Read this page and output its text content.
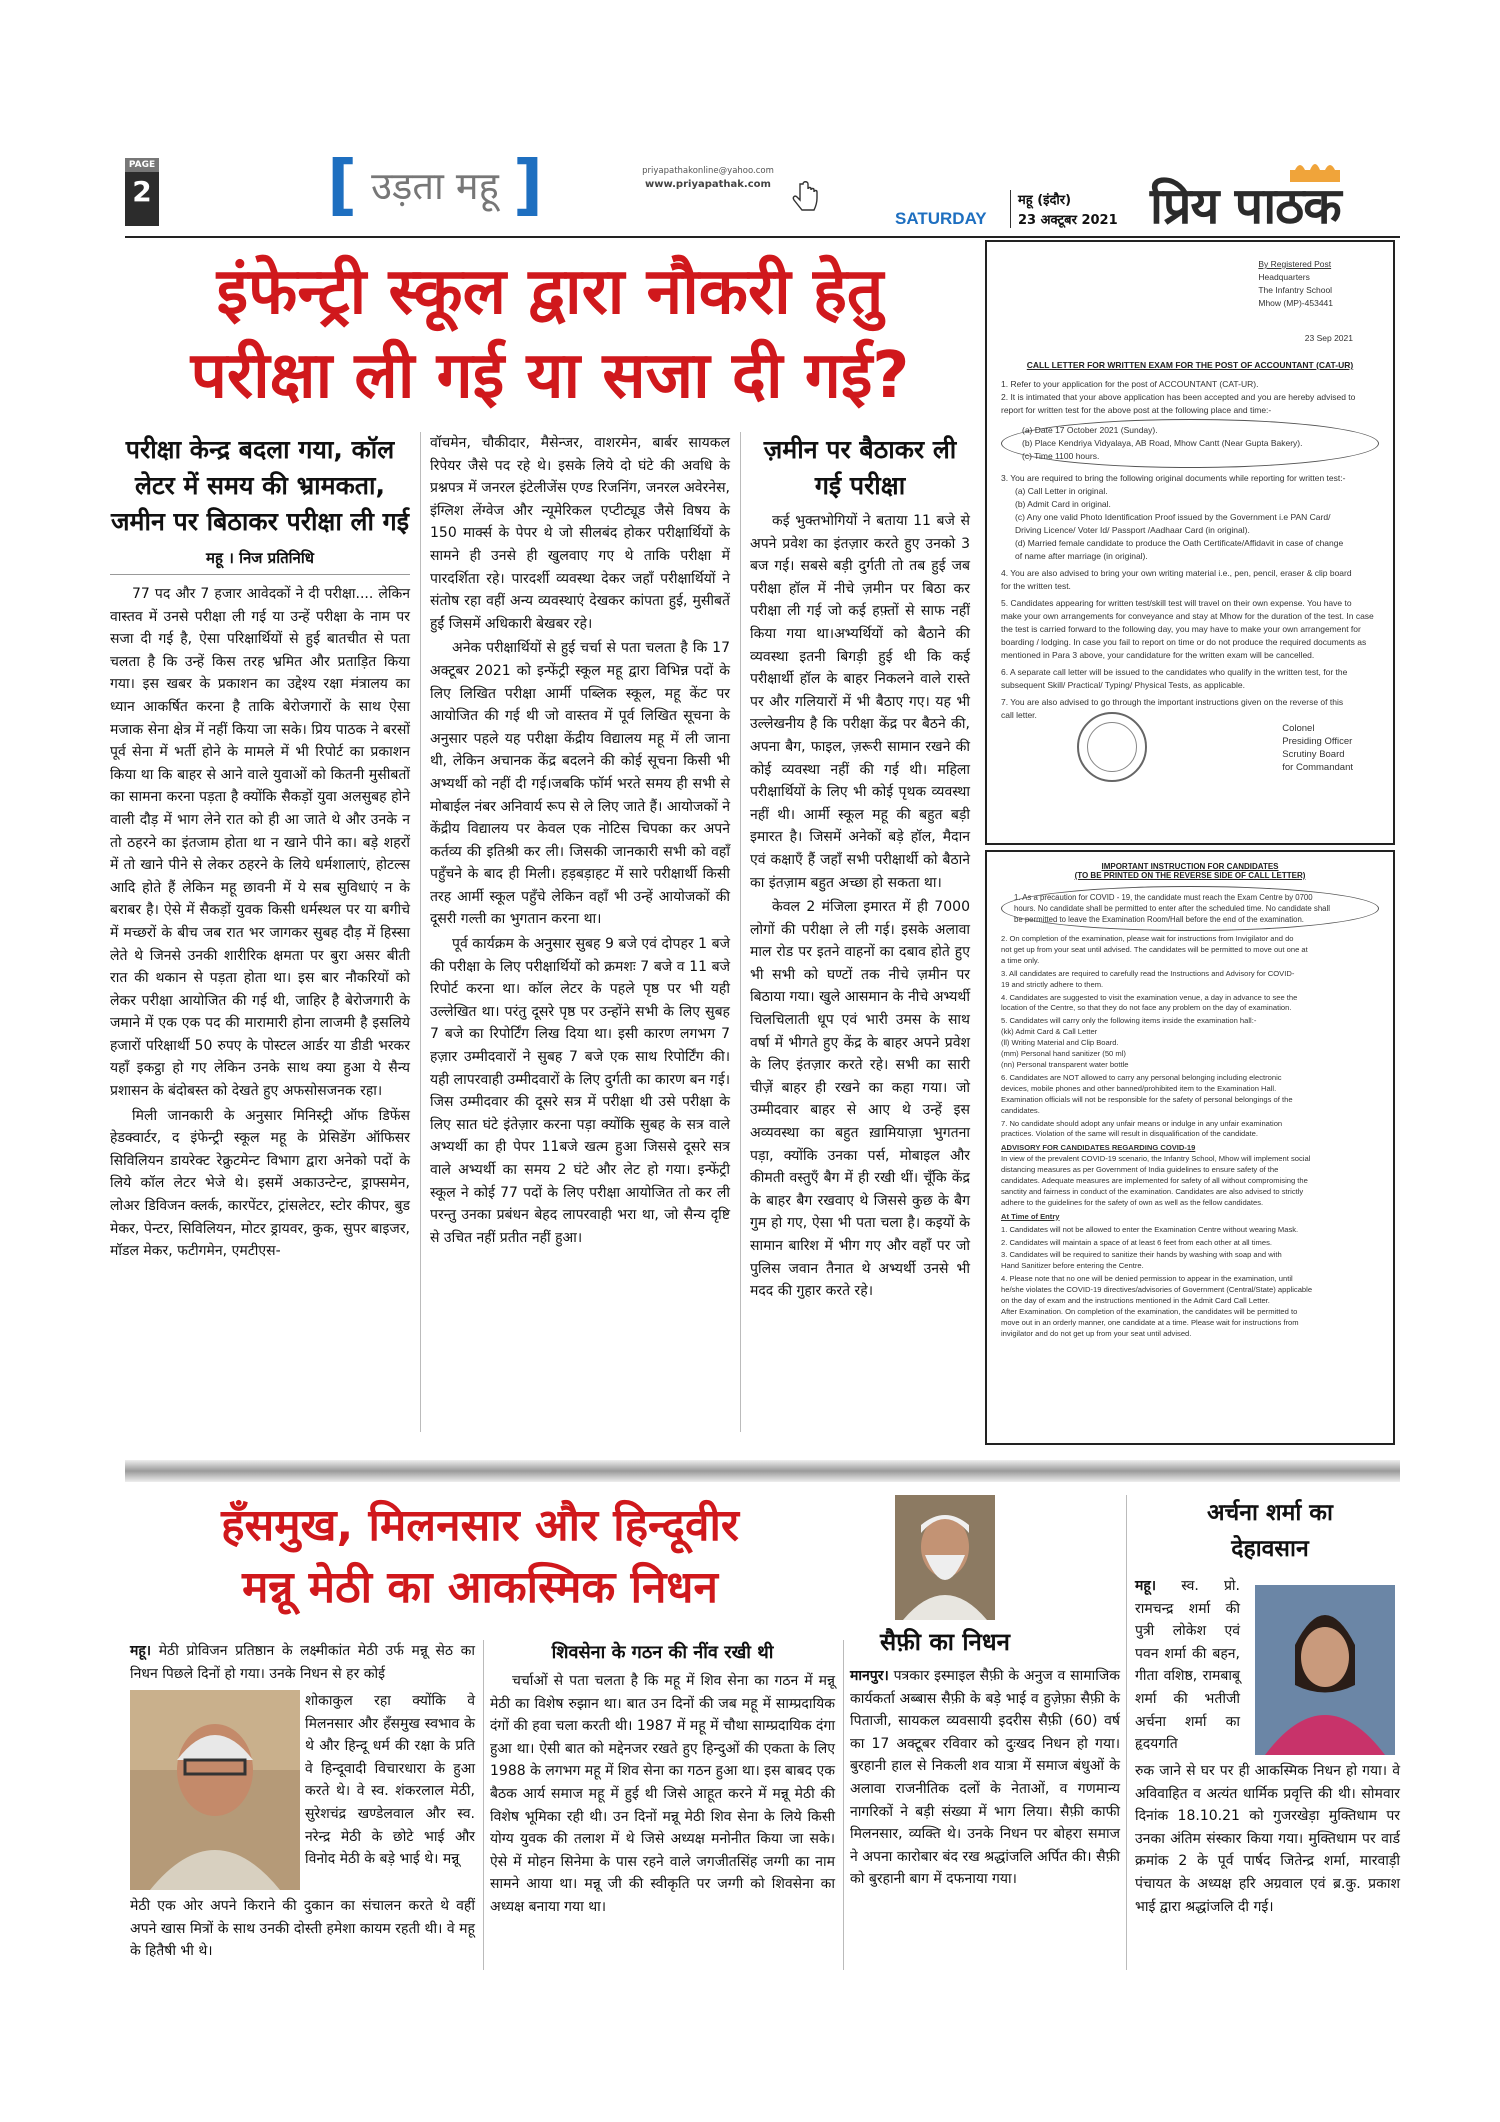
PAGE
2	[ उड़ता महू ]	priyapathakonline@yahoo.com
www.priyapathak.com
SATURDAY
महू (इंदौर)
23 अक्टूबर 2021 प्रिय पाठक
इंफेन्ट्री स्कूल द्वारा नौकरी हेतु
परीक्षा ली गई या सजा दी गई?
परीक्षा केन्द्र बदला गया, कॉल लेटर में समय की भ्रामकता, जमीन पर बिठाकर परीक्षा ली गई
महू । निज प्रतिनिधि

77 पद और 7 हजार आवेदकों ने दी परीक्षा.... लेकिन वास्तव में उनसे परीक्षा ली गई या उन्हें परीक्षा के नाम पर सजा दी गई है, ऐसा परिक्षार्थियों से हुई बातचीत से पता चलता है कि उन्हें किस तरह भ्रमित और प्रताड़ित किया गया। इस खबर के प्रकाशन का उद्देश्य रक्षा मंत्रालय का ध्यान आकर्षित करना है ताकि बेरोजगारों के साथ ऐसा मजाक सेना क्षेत्र में नहीं किया जा सके। प्रिय पाठक ने बरसों पूर्व सेना में भर्ती होने के मामले में भी रिपोर्ट का प्रकाशन किया था कि बाहर से आने वाले युवाओं को कितनी मुसीबतों का सामना करना पड़ता है क्योंकि सैकड़ों युवा अलसुबह होने वाली दौड़ में भाग लेने रात को ही आ जाते थे और उनके न तो ठहरने का इंतजाम होता था न खाने पीने का। बड़े शहरों में तो खाने पीने से लेकर ठहरने के लिये धर्मशालाएं, होटल्स आदि होते हैं लेकिन महू छावनी में ये सब सुविधाएं न के बराबर है। ऐसे में सैकड़ों युवक किसी धर्मस्थल पर या बगीचे में मच्छरों के बीच जब रात भर जागकर सुबह दौड़ में हिस्सा लेते थे जिनसे उनकी शारीरिक क्षमता पर बुरा असर बीती रात की थकान से पड़ता होता था। इस बार नौकरियों को लेकर परीक्षा आयोजित की गई थी, जाहिर है बेरोजगारी के जमाने में एक एक पद की मारामारी होना लाजमी है इसलिये हजारों परिक्षार्थी 50 रुपए के पोस्टल आर्डर या डीडी भरकर यहाँ इकट्ठा हो गए लेकिन उनके साथ क्या हुआ ये सैन्य प्रशासन के बंदोबस्त को देखते हुए अफसोसजनक रहा।

मिली जानकारी के अनुसार मिनिस्ट्री ऑफ डिफेंस हेडक्वार्टर, द इंफेन्ट्री स्कूल महू के प्रेसिडेंग ऑफिसर सिविलियन डायरेक्ट रेक्रुटमेन्ट विभाग द्वारा अनेको पदों के लिये कॉल लेटर भेजे थे। इसमें अकाउन्टेन्ट, ड्राफ्समेन, लोअर डिविजन क्लर्क, कारपेंटर, ट्रांसलेटर, स्टोर कीपर, बुड मेकर, पेन्टर, सिविलियन, मोटर ड्रायवर, कुक, सुपर बाइजर, मॉडल मेकर, फटीगमेन, एमटीएस-

वॉचमेन, चौकीदार, मैसेन्जर, वाशरमेन, बार्बर सायकल रिपेयर जैसे पद रहे थे। इसके लिये दो घंटे की अवधि के प्रश्नपत्र में जनरल इंटेलीजेंस एण्ड रिजनिंग, जनरल अवेरनेस, इंग्लिश लेंग्वेज और न्यूमेरिकल एप्टीट्यूड जैसे विषय के 150 मार्क्स के पेपर थे जो सीलबंद होकर परीक्षार्थियों के सामने ही उनसे ही खुलवाए गए थे ताकि परीक्षा में पारदर्शिता रहे। पारदर्शी व्यवस्था देकर जहाँ परीक्षार्थियों ने संतोष रहा वहीं अन्य व्यवस्थाएं देखकर कांपता हुई, मुसीबतें हुईं जिसमें अधिकारी बेखबर रहे।

अनेक परीक्षार्थियों से हुई चर्चा से पता चलता है कि 17 अक्टूबर 2021 को इन्फेंट्री स्कूल महू द्वारा विभिन्न पदों के लिए लिखित परीक्षा आर्मी पब्लिक स्कूल, महू केंट पर आयोजित की गई थी जो वास्तव में पूर्व लिखित सूचना के अनुसार पहले यह परीक्षा केंद्रीय विद्यालय महू में ली जाना थी, लेकिन अचानक केंद्र बदलने की कोई सूचना किसी भी अभ्यर्थी को नहीं दी गई।जबकि फॉर्म भरते समय ही सभी से मोबाईल नंबर अनिवार्य रूप से ले लिए जाते हैं। आयोजकों ने केंद्रीय विद्यालय पर केवल एक नोटिस चिपका कर अपने कर्तव्य की इतिश्री कर ली। जिसकी जानकारी सभी को वहाँ पहुँचने के बाद ही मिली। हड़बड़ाहट में सारे परीक्षार्थी किसी तरह आर्मी स्कूल पहुँचे लेकिन वहाँ भी उन्हें आयोजकों की दूसरी गल्ती का भुगतान करना था।

पूर्व कार्यक्रम के अनुसार सुबह 9 बजे एवं दोपहर 1 बजे की परीक्षा के लिए परीक्षार्थियों को क्रमशः 7 बजे व 11 बजे रिपोर्ट करना था। कॉल लेटर के पहले पृष्ठ पर भी यही उल्लेखित था। परंतु दूसरे पृष्ठ पर उन्होंने सभी के लिए सुबह 7 बजे का रिपोर्टिंग लिख दिया था। इसी कारण लगभग 7 हज़ार उम्मीदवारों ने सुबह 7 बजे एक साथ रिपोर्टिंग की। यही लापरवाही उम्मीदवारों के लिए दुर्गती का कारण बन गई। जिस उम्मीदवार की दूसरे सत्र में परीक्षा थी उसे परीक्षा के लिए सात घंटे इंतेज़ार करना पड़ा क्योंकि सुबह के सत्र वाले अभ्यर्थी का ही पेपर 11बजे खत्म हुआ जिससे दूसरे सत्र वाले अभ्यर्थी का समय 2 घंटे और लेट हो गया। इन्फेंट्री स्कूल ने कोई 77 पदों के लिए परीक्षा आयोजित तो कर ली परन्तु उनका प्रबंधन बेहद लापरवाही भरा था, जो सैन्य दृष्टि से उचित नहीं प्रतीत नहीं हुआ।

ज़मीन पर बैठाकर ली गई परीक्षा

कई भुक्तभोगियों ने बताया 11 बजे से अपने प्रवेश का इंतज़ार करते हुए उनको 3 बज गई। सबसे बड़ी दुर्गती तो तब हुई जब परीक्षा हॉल में नीचे ज़मीन पर बिठा कर परीक्षा ली गई जो कई हफ़्तों से साफ नहीं किया गया था।अभ्यर्थियों को बैठाने की व्यवस्था इतनी बिगड़ी हुई थी कि कई परीक्षार्थी हॉल के बाहर निकलने वाले रास्ते पर और गलियारों में भी बैठाए गए। यह भी उल्लेखनीय है कि परीक्षा केंद्र पर बैठने की, अपना बैग, फाइल, ज़रूरी सामान रखने की कोई व्यवस्था नहीं की गई थी। महिला परीक्षार्थियों के लिए भी कोई पृथक व्यवस्था नहीं थी। आर्मी स्कूल महू की बहुत बड़ी इमारत है। जिसमें अनेकों बड़े हॉल, मैदान एवं कक्षाएँ हैं जहाँ सभी परीक्षार्थी को बैठाने का इंतज़ाम बहुत अच्छा हो सकता था।

केवल 2 मंजिला इमारत में ही 7000 लोगों की परीक्षा ले ली गई। इसके अलावा माल रोड पर इतने वाहनों का दबाव होते हुए भी सभी को घण्टों तक नीचे ज़मीन पर बिठाया गया। खुले आसमान के नीचे अभ्यर्थी चिलचिलाती धूप एवं भारी उमस के साथ वर्षा में भीगते हुए केंद्र के बाहर अपने प्रवेश के लिए इंतज़ार करते रहे। सभी का सारी चीज़ें बाहर ही रखने का कहा गया। जो उम्मीदवार बाहर से आए थे उन्हें इस अव्यवस्था का बहुत ख़ामियाज़ा भुगतना पड़ा, क्योंकि उनका पर्स, मोबाइल और कीमती वस्तुएँ बैग में ही रखी थीं। चूँकि केंद्र के बाहर बैग रखवाए थे जिससे कुछ के बैग गुम हो गए, ऐसा भी पता चला है। कइयों के सामान बारिश में भीग गए और वहाँ पर जो पुलिस जवान तैनात थे अभ्यर्थी उनसे भी मदद की गुहार करते रहे।

By Registered Post
Headquarters
The Infantry School
Mhow (MP)-453441
23 Sep 2021
CALL LETTER FOR WRITTEN EXAM FOR THE POST OF ACCOUNTANT (CAT-UR)
1. Refer to your application for the post of ACCOUNTANT (CAT-UR).
2. It is intimated that your above application has been accepted and you are hereby advised to
report for written test for the above post at the following place and time:-
(a) Date 17 October 2021 (Sunday).
(b) Place Kendriya Vidyalaya, AB Road, Mhow Cantt (Near Gupta Bakery).
(c) Time 1100 hours.
3. You are required to bring the following original documents while reporting for written test:-
(a) Call Letter in original.
(b) Admit Card in original.
(c) Any one valid Photo Identification Proof issued by the Government i.e PAN Card/
Driving Licence/ Voter Id/ Passport /Aadhaar Card (in original).
(d) Married female candidate to produce the Oath Certificate/Affidavit in case of change
of name after marriage (in original).
4. You are also advised to bring your own writing material i.e., pen, pencil, eraser & clip board
for the written test.
5. Candidates appearing for written test/skill test will travel on their own expense. You have to
make your own arrangements for conveyance and stay at Mhow for the duration of the test. In case
the test is carried forward to the following day, you may have to make your own arrangement for
boarding / lodging. In case you fail to report on time or do not produce the required documents as
mentioned in Para 3 above, your candidature for the written exam will be cancelled.
6. A separate call letter will be issued to the candidates who qualify in the written test, for the
subsequent Skill/ Practical/ Typing/ Physical Tests, as applicable.
7. You are also advised to go through the important instructions given on the reverse of this
call letter.
Colonel
Presiding Officer
Scrutiny Board
for Commandant
IMPORTANT INSTRUCTION FOR CANDIDATES
(TO BE PRINTED ON THE REVERSE SIDE OF CALL LETTER)
1. As a precaution for COVID - 19, the candidate must reach the Exam Centre by 0700
hours. No candidate shall be permitted to enter after the scheduled time. No candidate shall
be permitted to leave the Examination Room/Hall before the end of the examination.
2. On completion of the examination, please wait for instructions from Invigilator and do
not get up from your seat until advised. The candidates will be permitted to move out one at
a time only.
3. All candidates are required to carefully read the Instructions and Advisory for COVID-
19 and strictly adhere to them.
4. Candidates are suggested to visit the examination venue, a day in advance to see the
location of the Centre, so that they do not face any problem on the day of examination.
5. Candidates will carry only the following items inside the examination hall:-
(kk) Admit Card & Call Letter
(ll) Writing Material and Clip Board.
(mm) Personal hand sanitizer (50 ml)
(nn) Personal transparent water bottle
6. Candidates are NOT allowed to carry any personal belonging including electronic
devices, mobile phones and other banned/prohibited item to the Examination Hall.
Examination officials will not be responsible for the safety of personal belongings of the
candidates.
7. No candidate should adopt any unfair means or indulge in any unfair examination
practices. Violation of the same will result in disqualification of the candidate.
ADVISORY FOR CANDIDATES REGARDING COVID-19
In view of the prevalent COVID-19 scenario, the Infantry School, Mhow will implement social
distancing measures as per Government of India guidelines to ensure safety of the
candidates. Adequate measures are implemented for safety of all without compromising the
sanctity and fairness in conduct of the examination. Candidates are also advised to strictly
adhere to the guidelines for the safety of own as well as the fellow candidates.
At Time of Entry
1. Candidates will not be allowed to enter the Examination Centre without wearing Mask.
2. Candidates will maintain a space of at least 6 feet from each other at all times.
3. Candidates will be required to sanitize their hands by washing with soap and with
Hand Sanitizer before entering the Centre.
4. Please note that no one will be denied permission to appear in the examination, until
he/she violates the COVID-19 directives/advisories of Government (Central/State) applicable
on the day of exam and the instructions mentioned in the Admit Card Call Letter.
After Examination. On completion of the examination, the candidates will be permitted to
move out in an orderly manner, one candidate at a time. Please wait for instructions from
invigilator and do not get up from your seat until advised.
हँसमुख, मिलनसार और हिन्दूवीर
मन्नू मेठी का आकस्मिक निधन

महू। मेठी प्रोविजन प्रतिष्ठान के लक्ष्मीकांत मेठी उर्फ मन्नू सेठ का निधन पिछले दिनों हो गया। उनके निधन से हर कोई

शोकाकुल रहा क्योंकि वे मिलनसार और हँसमुख स्वभाव के थे और हिन्दू धर्म की रक्षा के प्रति वे हिन्दूवादी विचारधारा के हुआ करते थे। वे स्व. शंकरलाल मेठी, सुरेशचंद्र खण्डेलवाल और स्व. नरेन्द्र मेठी के छोटे भाई और विनोद मेठी के बड़े भाई थे। मन्नू

मेठी एक ओर अपने किराने की दुकान का संचालन करते थे वहीं अपने खास मित्रों के साथ उनकी दोस्ती हमेशा कायम रहती थी। वे महू के हितैषी भी थे।

शिवसेना के गठन की नींव रखी थी

चर्चाओं से पता चलता है कि महू में शिव सेना का गठन में मन्नू मेठी का विशेष रुझान था। बात उन दिनों की जब महू में साम्प्रदायिक दंगों की हवा चला करती थी। 1987 में महू में चौथा साम्प्रदायिक दंगा हुआ था। ऐसी बात को मद्देनजर रखते हुए हिन्दुओं की एकता के लिए 1988 के लगभग महू में शिव सेना का गठन हुआ था। इस बाबद एक बैठक आर्य समाज महू में हुई थी जिसे आहूत करने में मन्नू मेठी की विशेष भूमिका रही थी। उन दिनों मन्नू मेठी शिव सेना के लिये किसी योग्य युवक की तलाश में थे जिसे अध्यक्ष मनोनीत किया जा सके। ऐसे में मोहन सिनेमा के पास रहने वाले जगजीतसिंह जग्गी का नाम सामने आया था। मन्नू जी की स्वीकृति पर जग्गी को शिवसेना का अध्यक्ष बनाया गया था।

सैफ़ी का निधन

मानपुर। पत्रकार इस्माइल सैफ़ी के अनुज व सामाजिक कार्यकर्ता अब्बास सैफ़ी के बड़े भाई व हुज़ेफ़ा सैफ़ी के पिताजी, सायकल व्यवसायी इदरीस सैफ़ी (60) वर्ष का 17 अक्टूबर रविवार को दुःखद निधन हो गया। बुरहानी हाल से निकली शव यात्रा में समाज बंधुओं के अलावा राजनीतिक दलों के नेताओं, व गणमान्य नागरिकों ने बड़ी संख्या में भाग लिया। सैफ़ी काफी मिलनसार, व्यक्ति थे। उनके निधन पर बोहरा समाज ने अपना कारोबार बंद रख श्रद्धांजलि अर्पित की। सैफ़ी को बुरहानी बाग में दफनाया गया।

अर्चना शर्मा का
देहावसान

महू। स्व. प्रो. रामचन्द्र शर्मा की पुत्री लोकेश एवं पवन शर्मा की बहन, गीता वशिष्ठ, रामबाबू शर्मा की भतीजी अर्चना शर्मा का हृदयगति

रुक जाने से घर पर ही आकस्मिक निधन हो गया। वे अविवाहित व अत्यंत धार्मिक प्रवृत्ति की थी। सोमवार दिनांक 18.10.21 को गुजरखेड़ा मुक्तिधाम पर उनका अंतिम संस्कार किया गया। मुक्तिधाम पर वार्ड क्रमांक 2 के पूर्व पार्षद जितेन्द्र शर्मा, मारवाड़ी पंचायत के अध्यक्ष हरि अग्रवाल एवं ब्र.कु. प्रकाश भाई द्वारा श्रद्धांजलि दी गई।
